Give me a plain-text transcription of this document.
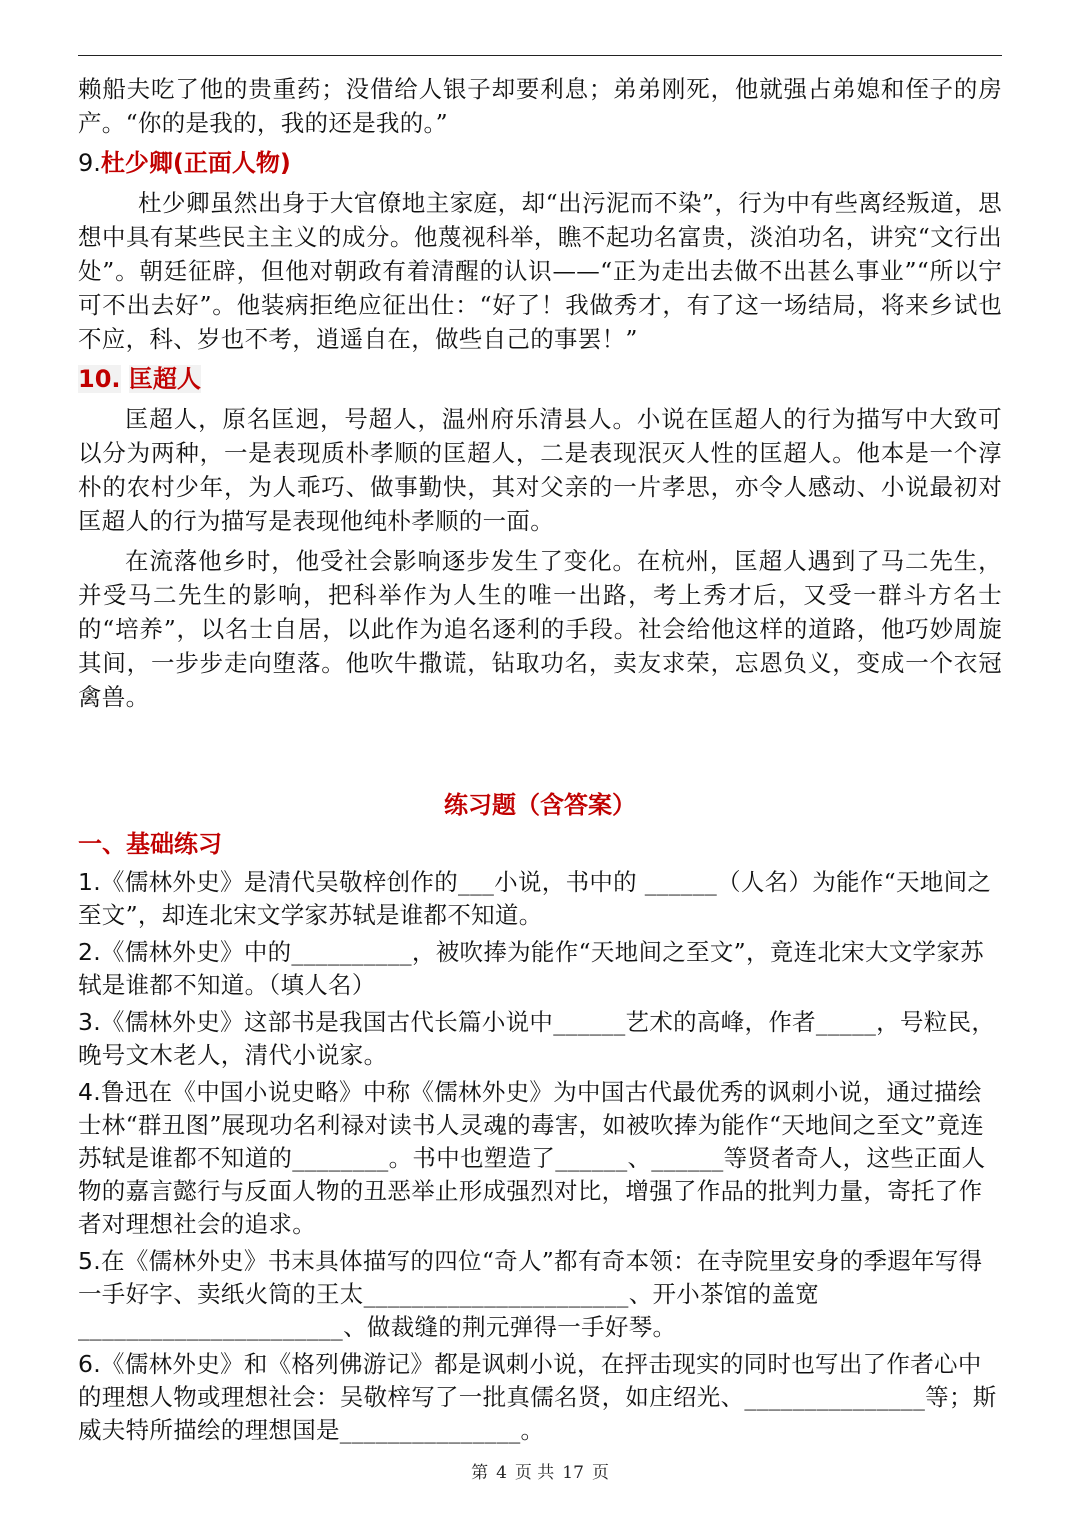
赖船夫吃了他的贵重药；没借给人银子却要利息；弟弟刚死，他就强占弟媳和侄子的房产。“你的是我的，我的还是我的。”

9.杜少卿(正面人物)

杜少卿虽然出身于大官僚地主家庭，却“出污泥而不染”，行为中有些离经叛道，思想中具有某些民主主义的成分。他蔑视科举，瞧不起功名富贵，淡泊功名，讲究“文行出处”。朝廷征辟，但他对朝政有着清醒的认识——“正为走出去做不出甚么事业”“所以宁可不出去好”。他装病拒绝应征出仕：“好了！我做秀才，有了这一场结局，将来乡试也不应，科、岁也不考，逍遥自在，做些自己的事罢！”

10. 匡超人

匡超人，原名匡迥，号超人，温州府乐清县人。小说在匡超人的行为描写中大致可以分为两种，一是表现质朴孝顺的匡超人，二是表现泯灭人性的匡超人。他本是一个淳朴的农村少年，为人乖巧、做事勤快，其对父亲的一片孝思，亦令人感动、小说最初对匡超人的行为描写是表现他纯朴孝顺的一面。

在流落他乡时，他受社会影响逐步发生了变化。在杭州，匡超人遇到了马二先生，并受马二先生的影响，把科举作为人生的唯一出路，考上秀才后，又受一群斗方名士的“培养”，以名士自居，以此作为追名逐利的手段。社会给他这样的道路，他巧妙周旋其间，一步步走向堕落。他吹牛撒谎，钻取功名，卖友求荣，忘恩负义，变成一个衣冠禽兽。

练习题（含答案）
一、基础练习

1.《儒林外史》是清代吴敬梓创作的___小说，书中的 ______（人名）为能作“天地间之至文”，却连北宋文学家苏轼是谁都不知道。

2.《儒林外史》中的__________，被吹捧为能作“天地间之至文”，竟连北宋大文学家苏轼是谁都不知道。（填人名）

3.《儒林外史》这部书是我国古代长篇小说中______艺术的高峰，作者_____，号粒民，晚号文木老人，清代小说家。

4.鲁迅在《中国小说史略》中称《儒林外史》为中国古代最优秀的讽刺小说，通过描绘士林“群丑图”展现功名利禄对读书人灵魂的毒害，如被吹捧为能作“天地间之至文”竟连苏轼是谁都不知道的________。书中也塑造了______、______等贤者奇人，这些正面人物的嘉言懿行与反面人物的丑恶举止形成强烈对比，增强了作品的批判力量，寄托了作者对理想社会的追求。

5.在《儒林外史》书末具体描写的四位“奇人”都有奇本领：在寺院里安身的季遐年写得一手好字、卖纸火筒的王太______________________、开小茶馆的盖宽______________________、做裁缝的荆元弹得一手好琴。

6.《儒林外史》和《格列佛游记》都是讽刺小说，在抨击现实的同时也写出了作者心中的理想人物或理想社会：吴敬梓写了一批真儒名贤，如庄绍光、_______________等；斯威夫特所描绘的理想国是_______________。

第 4 页 共 17 页
